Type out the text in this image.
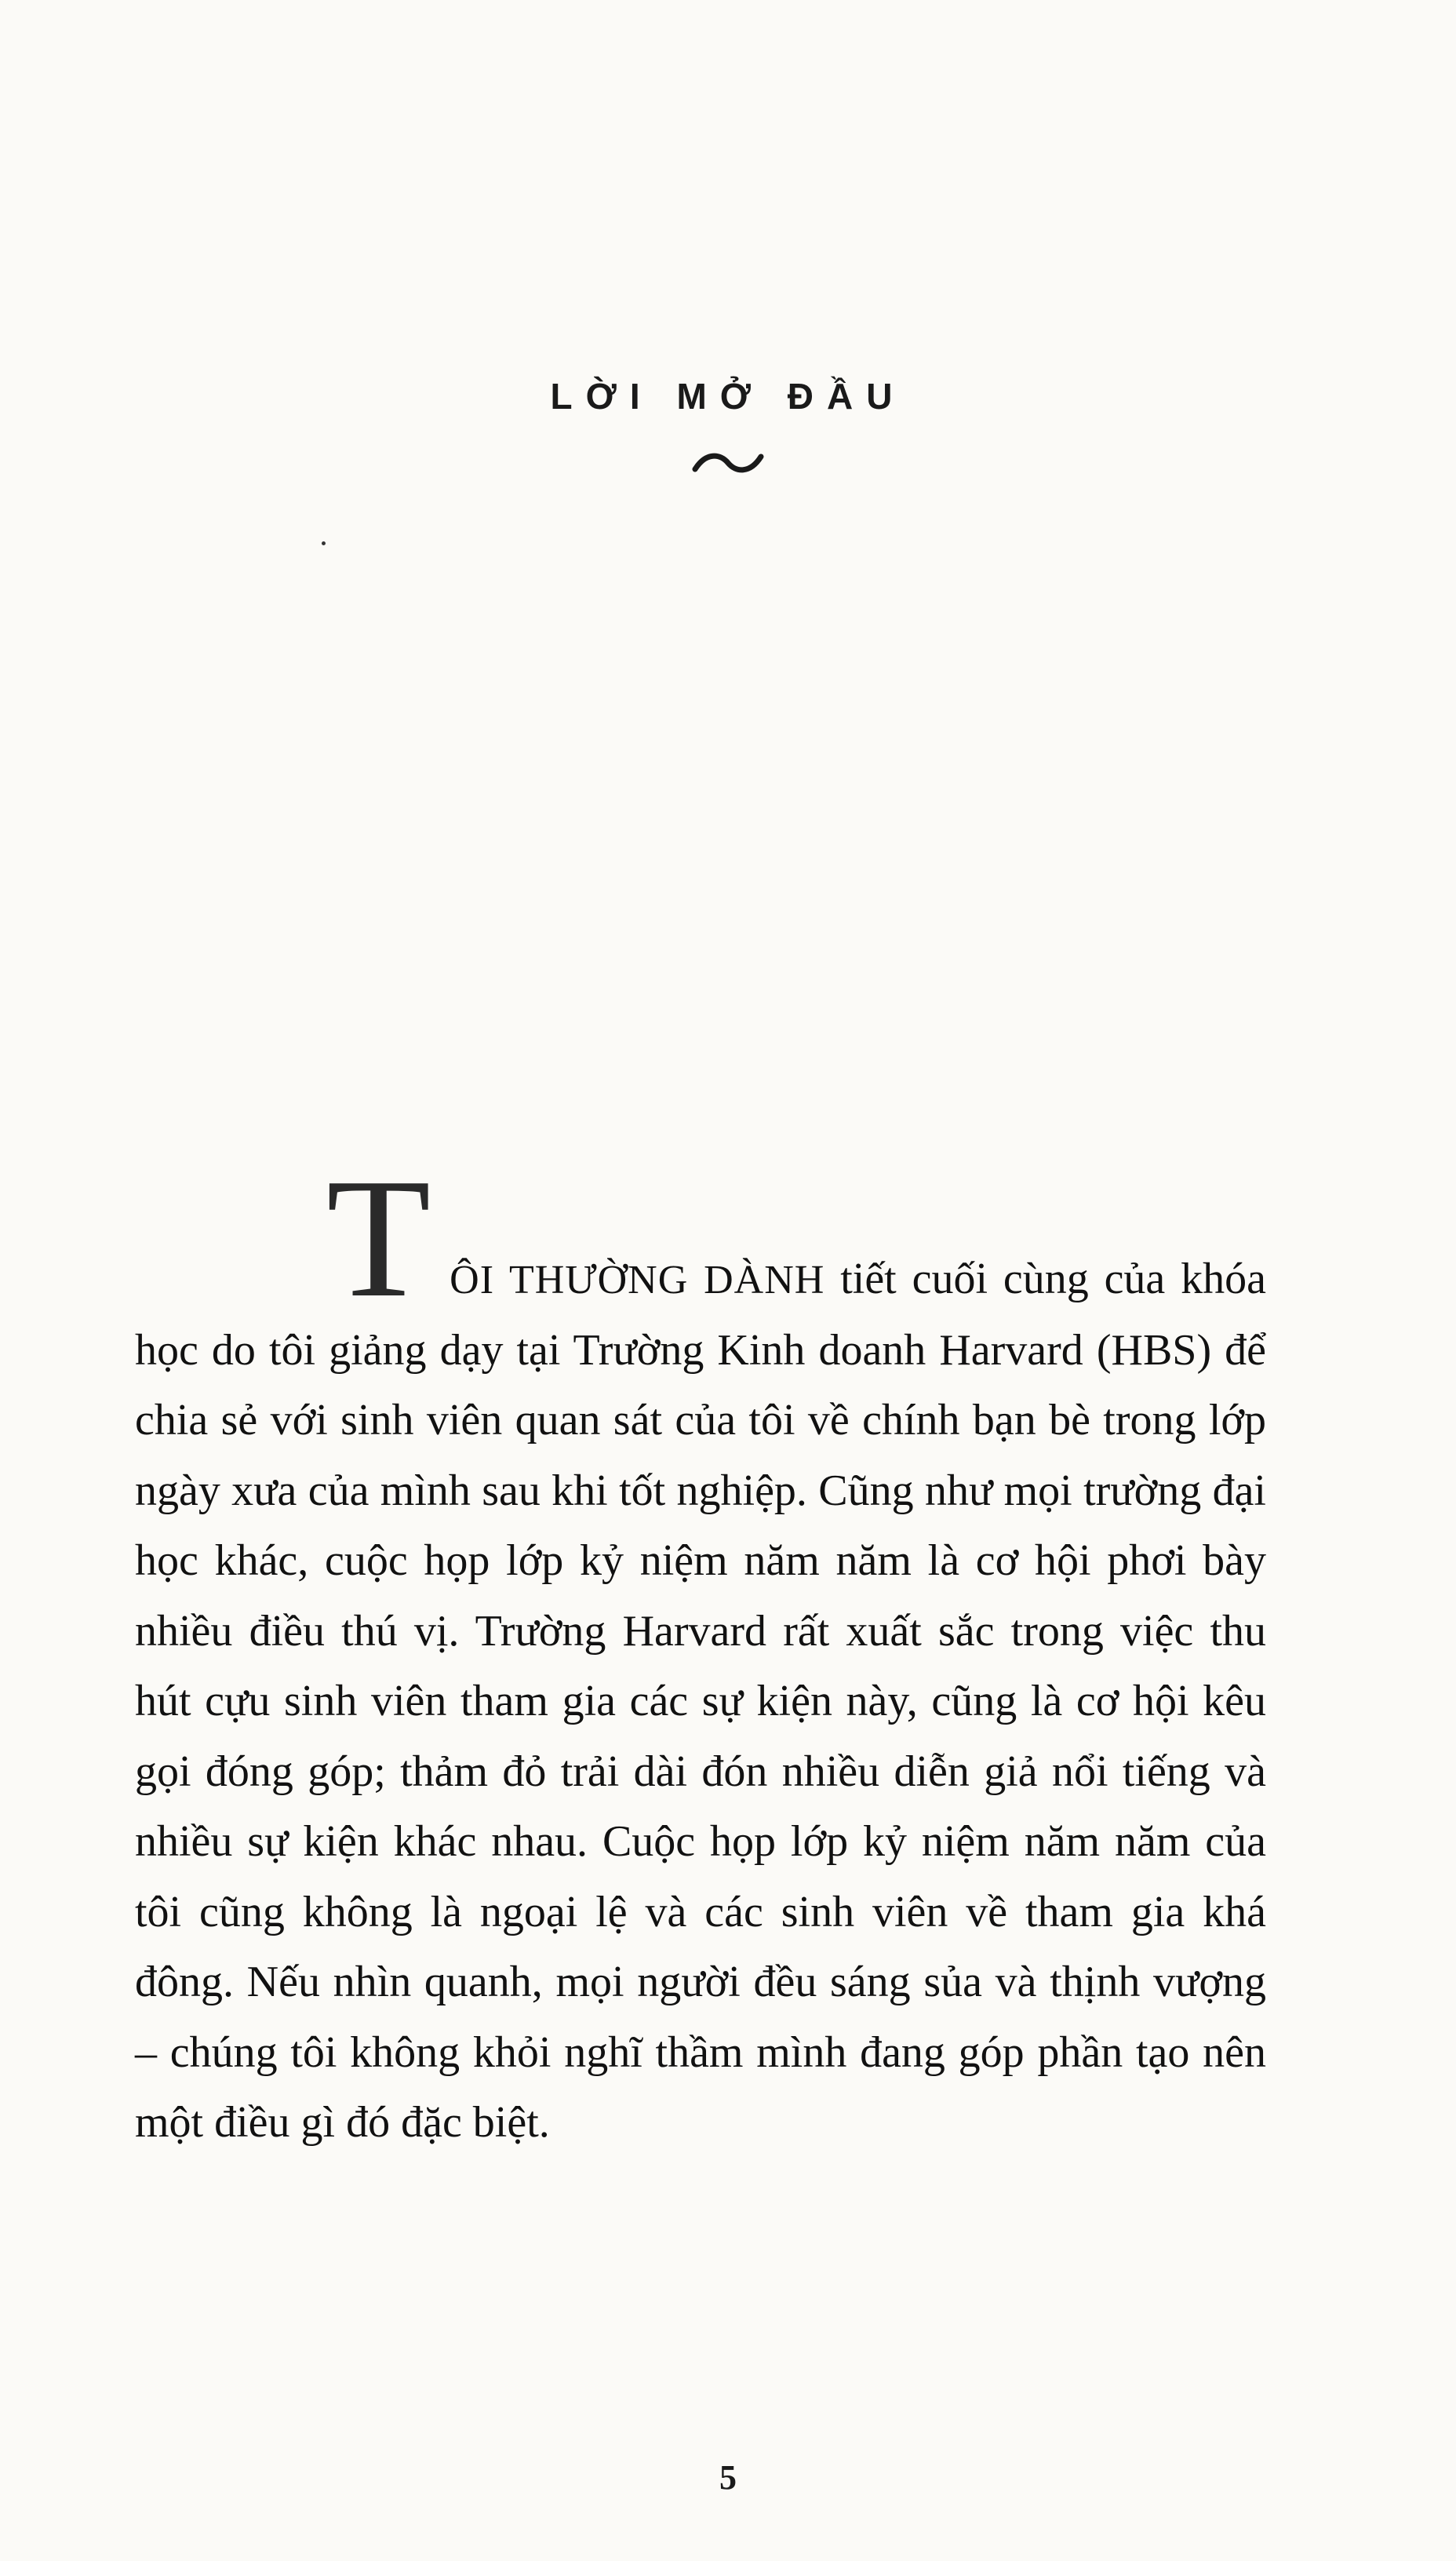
LỜI MỞ ĐẦU
TÔI THƯỜNG DÀNH tiết cuối cùng của khóa học do tôi giảng dạy tại Trường Kinh doanh Harvard (HBS) để chia sẻ với sinh viên quan sát của tôi về chính bạn bè trong lớp ngày xưa của mình sau khi tốt nghiệp. Cũng như mọi trường đại học khác, cuộc họp lớp kỷ niệm năm năm là cơ hội phơi bày nhiều điều thú vị. Trường Harvard rất xuất sắc trong việc thu hút cựu sinh viên tham gia các sự kiện này, cũng là cơ hội kêu gọi đóng góp; thảm đỏ trải dài đón nhiều diễn giả nổi tiếng và nhiều sự kiện khác nhau. Cuộc họp lớp kỷ niệm năm năm của tôi cũng không là ngoại lệ và các sinh viên về tham gia khá đông. Nếu nhìn quanh, mọi người đều sáng sủa và thịnh vượng – chúng tôi không khỏi nghĩ thầm mình đang góp phần tạo nên một điều gì đó đặc biệt.
5
